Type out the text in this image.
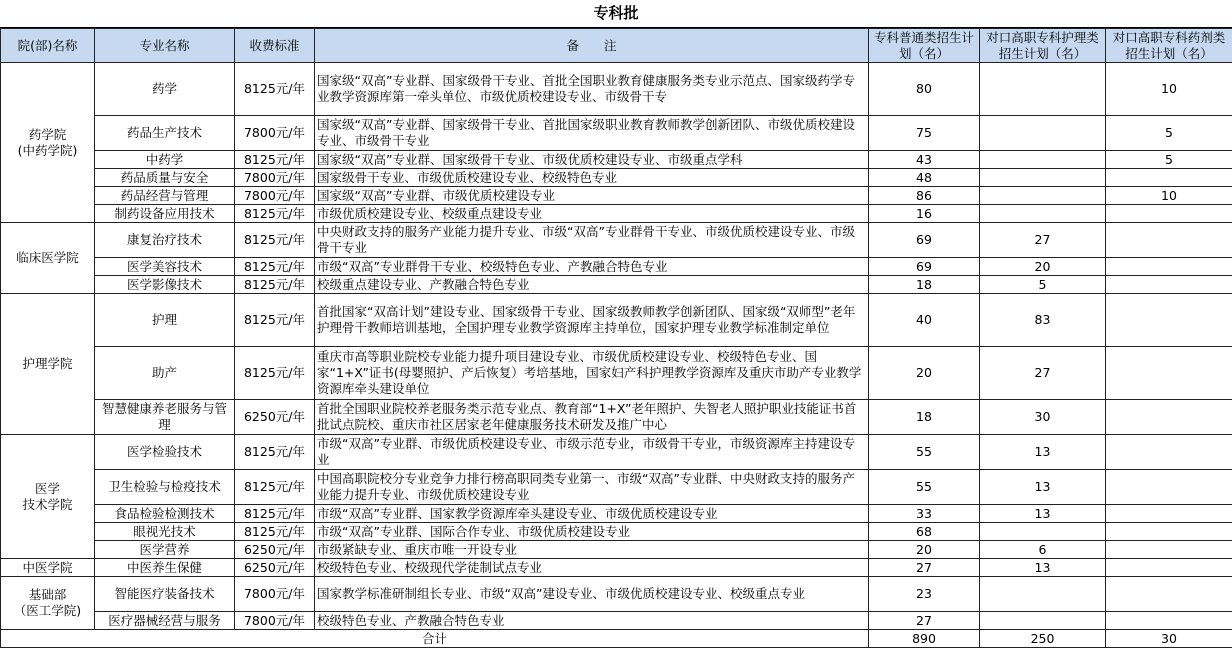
专科批
院(部)名称	专业名称	收费标准	备　　注	专科普通类招生计划（名）	对口高职专科护理类招生计划（名）	对口高职专科药剂类招生计划（名）
药学院
(中药学院)	药学	8125元/年	国家级“双高”专业群、国家级骨干专业、首批全国职业教育健康服务类专业示范点、国家级药学专业教学资源库第一牵头单位、市级优质校建设专业、市级骨干专	80		10
	药品生产技术	7800元/年	国家级“双高”专业群、国家级骨干专业、首批国家级职业教育教师教学创新团队、市级优质校建设专业、市级骨干专业	75		5
	中药学	8125元/年	国家级“双高”专业群、国家级骨干专业、市级优质校建设专业、市级重点学科	43		5
	药品质量与安全	7800元/年	国家级骨干专业、市级优质校建设专业、校级特色专业	48		
	药品经营与管理	7800元/年	国家级“双高”专业群、市级优质校建设专业	86		10
	制药设备应用技术	8125元/年	市级优质校建设专业、校级重点建设专业	16		
临床医学院	康复治疗技术	8125元/年	中央财政支持的服务产业能力提升专业、市级“双高”专业群骨干专业、市级优质校建设专业、市级骨干专业	69	27	
	医学美容技术	8125元/年	市级“双高”专业群骨干专业、校级特色专业、产教融合特色专业	69	20	
	医学影像技术	8125元/年	校级重点建设专业、产教融合特色专业	18	5	
护理学院	护理	8125元/年	首批国家“双高计划”建设专业、国家级骨干专业、国家级教师教学创新团队、国家级“双师型”老年护理骨干教师培训基地，全国护理专业教学资源库主持单位，国家护理专业教学标准制定单位	40	83	
	助产	8125元/年	重庆市高等职业院校专业能力提升项目建设专业、市级优质校建设专业、校级特色专业、国家“1+X”证书(母婴照护、产后恢复）考培基地，国家妇产科护理教学资源库及重庆市助产专业教学资源库牵头建设单位	20	27	
	智慧健康养老服务与管理	6250元/年	首批全国职业院校养老服务类示范专业点、教育部“1+X”老年照护、失智老人照护职业技能证书首批试点院校、重庆市社区居家老年健康服务技术研发及推广中心	18	30	
医学
技术学院	医学检验技术	8125元/年	市级“双高”专业群、市级优质校建设专业、市级示范专业，市级骨干专业，市级资源库主持建设专业	55	13	
	卫生检验与检疫技术	8125元/年	中国高职院校分专业竞争力排行榜高职同类专业第一、市级“双高”专业群、中央财政支持的服务产业能力提升专业、市级优质校建设专业	55	13	
	食品检验检测技术	8125元/年	市级“双高”专业群、国家教学资源库牵头建设专业、市级优质校建设专业	33	13	
	眼视光技术	8125元/年	市级“双高”专业群、国际合作专业、市级优质校建设专业	68		
	医学营养	6250元/年	市级紧缺专业、重庆市唯一开设专业	20	6	
中医学院	中医养生保健	6250元/年	校级特色专业、校级现代学徒制试点专业	27	13	
基础部
（医工学院)	智能医疗装备技术	7800元/年	国家教学标准研制组长专业、市级“双高”建设专业、市级优质校建设专业、校级重点专业	23		
	医疗器械经营与服务	7800元/年	校级特色专业、产教融合特色专业	27		
合计				890	250	30
